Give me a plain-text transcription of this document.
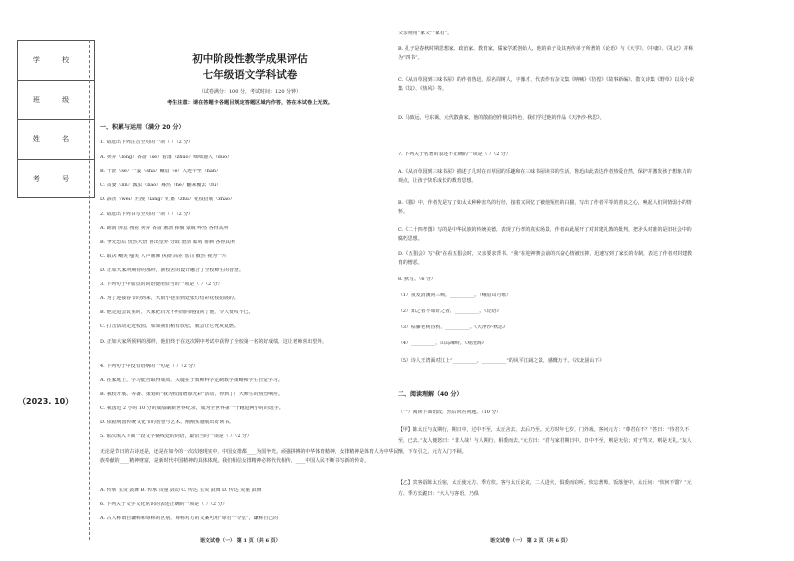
学 校
班 级
姓 名
考 号
（2023. 10）
初中阶段性教学成果评估
七年级语文学科试卷
（试卷满分：100 分，考试时间：120 分钟）
考生注意：请在答题卡各题目规定答题区域内作答，答在本试卷上无效。
一、积累与运用（满分 20 分）
1. 请选出下列注音全对的一项（ ）（2 分）
A. 卖弄（lònɡ）吝啬（sè）着落（zhuó）咄咄逼人（duō）
B. 干涩（sè）一霎（shà）蛾眉（é）人迹罕至（hǎn）
C. 贪婪（lín）瓢虫（bǎo）蓦然（hē）翻来覆去（fǔ）
D. 霹雳（wěi）烂漫（làng）贮蓄（zhù）花枝招展（zhǎo）
2. 请选出下列书写全对的一项（ ）（2 分）
A. 朗润 屏息 拽着 卖弄 吝啬 淅沥 捧腹 蒙眬 哗然 各得其所
B. 争先恐后 恍然大悟 喜出望外 分歧 澄清 絮叨 徘徊 各得其所
C. 取决 嘲笑 嗤笑 人声鼎沸 执拗 高差 惩罚 截然 视为一片
D. 正如大家所期待的那样，新校舍的设计融合了全校师生的智慧。
3. 下列句子中加点的词语使用恰当的一项是（ ）（2 分）
A. 为了迎接春节的到来，大街小巷里到处张灯结彩花枝招展的。
B. 他走进会议室时，大家把目光不约而同地投向了他，令人赞叹不已。
C. 打击活动走近校园，如果我们稍有放松，就会让它死灰复燃。
D. 正如大家所预料的那样，他们终于在这次期中考试中获得了全校第一名的好成绩，这让老师喜出望外。
4. 下列句子中没有语病的一句是（ ）（2 分）
A. 在家庭上，学习能否取得成效，关键在于教师科学定制教学策略和学生自觉学习。
B. 我校开展、等备、策划的“我为校园增添光彩”活动，得到了广大师生的热烈响应。
C. 我国近 2 小时 10 分的成绩刷新世界纪录，成为全世界第一个跑进两小时的选手。
D. 依据明国传统文化节的智慧与艺术，刚刚实施展出好读书。
5. 依次填入下面一段文字横线处的词语，最恰当的一项是（ ）（2 分）
无论是节日的古诗还是，还是在如今的一次次地现实中，中国女排都____为国争光。顽强拼搏的中华体育精神，女排精神是体育人为中华民族奉献的____精神财富，是新时代中国精神的具体体现。我们相信女排精神必将代代相传，____中国人民不断书写新的传奇。
A. 传承 宝贵 鼓舞 B. 传承 贵重 鼓动 C. 传达 宝贵 鼓舞 D. 传达 贵重 鼓舞
6. 下列关于文学文化常识的表述正确的一项是（ ）（2 分）
A. 古人称谓自谦称和尊称的区别，尊称对方的文案可用“尊君”“令堂”，谦称自己的
语文试卷（一） 第 1 页（共 6 页）
父亲则用“家父”“家君”。
B. 孔子是春秋时期思想家、政治家、教育家，儒家学派创始人，他的弟子及其再传弟子所著的《论语》与《大学》、《中庸》、《礼记》并称为“四书”。
C.《从百草园到三味书屋》的作者鲁迅，原名周树人，字豫才，代表作有杂文集《呐喊》《彷徨》《故事新编》、散文诗集《野草》以及小说集《坟》、《热风》等。
D. 马致远，号东篱，元代散曲家。他的散曲创作极具特色，我们学过他的作品《天净沙·秋思》。
7. 下列关于名著的表述不正确的一项是（ ）（2 分）
A.《从百草园到三味书屋》描述了儿时在百草园的乐趣和在三味书屋读书的生活，鲁迅由此表达作者热爱自然，保护并激发孩子想象力的观点，让孩子快乐成长的教育思想。
B.《猫》中，作者先是写了如太太种种害鸟的行径，接着又回忆了被他冤枉的白猫，写出了作者平等的善良之心，唤起人们同情弱小的情怀。
C.《二十四孝图》写的是中华民族的传统美德，表现了行孝的真实场景，作者由此展开了对封建礼教的批判，把矛头对准的是旧社会中的腐朽思想。
D.《五猖会》写“我”在看五猖会时，父亲要求背书，“我”在迎神赛会前的兴奋心情被压抑，迅速写到了家长的专制，表达了作者对封建教育的憎恶。
8. 默写。（6 分）
（1）夜发清溪向三峡，__________。（峨眉山月歌）
（2）知之者不如好之者，__________。《论语》
（3）枯藤老树昏鸦，__________。《天净沙·秋思》
（4）__________，山岛竦峙。《观沧海》
（5）诗人王湾面对江上“__________，__________”的风平江阔之景，感慨万千。《次北固山下》
二、阅读理解（40 分）
（一）阅读下面语段，然后回答问题。（10 分）
【甲】陈太丘与友期行，期日中，过中不至，太丘舍去，去后乃至。元方时年七岁，门外戏。客问元方：“尊君在不？”答曰：“待君久不至，已去。”友人便怒曰：“非人哉！与人期行，相委而去。”元方曰：“君与家君期日中。日中不至，则是无信；对子骂父，则是无礼。”友人惭，下车引之。元方入门不顾。
【乙】宾客诣陈太丘宿，太丘使元方、季方炊。客与太丘论议，二人进火，俱委而窃听。炊忘著箄，饭落釜中。太丘问：“炊何不馏？”元方、季方长跪曰：“大人与客语，乃俱
语文试卷（一） 第 2 页（共 6 页）
